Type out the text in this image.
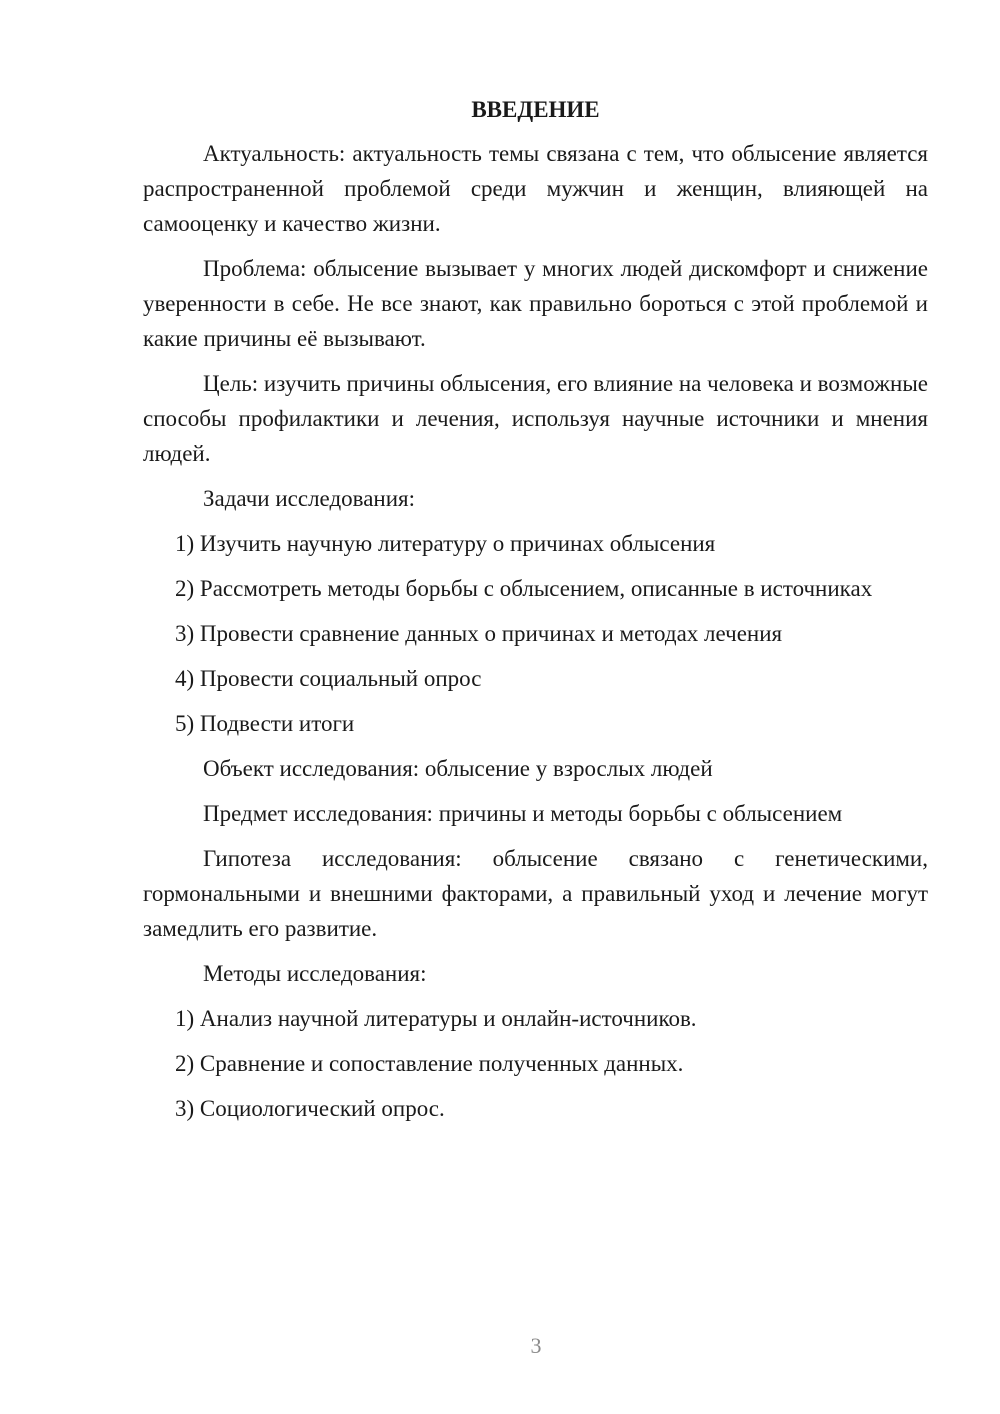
ВВЕДЕНИЕ

Актуальность: актуальность темы связана с тем, что облысение является распространенной проблемой среди мужчин и женщин, влияющей на самооценку и качество жизни.

Проблема: облысение вызывает у многих людей дискомфорт и снижение уверенности в себе. Не все знают, как правильно бороться с этой проблемой и какие причины её вызывают.

Цель: изучить причины облысения, его влияние на человека и возможные способы профилактики и лечения, используя научные источники и мнения людей.

Задачи исследования:

1) Изучить научную литературу о причинах облысения
2) Рассмотреть методы борьбы с облысением, описанные в источниках
3) Провести сравнение данных о причинах и методах лечения
4) Провести социальный опрос
5) Подвести итоги

Объект исследования: облысение у взрослых людей

Предмет исследования: причины и методы борьбы с облысением

Гипотеза исследования: облысение связано с генетическими, гормональными и внешними факторами, а правильный уход и лечение могут замедлить его развитие.

Методы исследования:

1) Анализ научной литературы и онлайн-источников.
2) Сравнение и сопоставление полученных данных.
3) Социологический опрос.
3
